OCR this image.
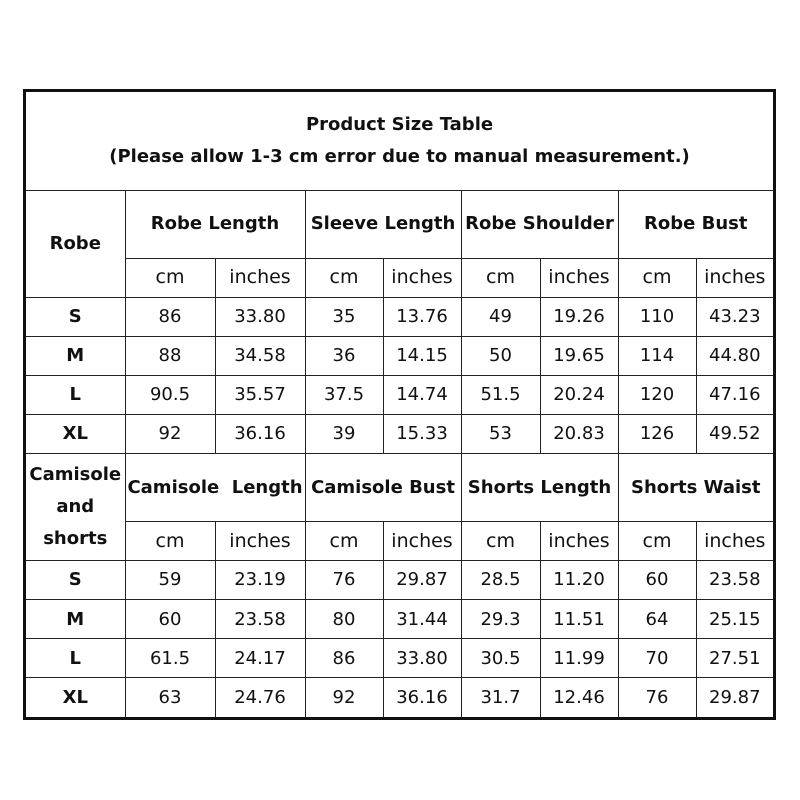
Product Size Table
(Please allow 1-3 cm error due to manual measurement.)								

Robe	Robe Length		Sleeve Length		Robe Shoulder		Robe Bust	
	cm	inches	cm	inches	cm	inches	cm	inches
S	86	33.80	35	13.76	49	19.26	110	43.23
M	88	34.58	36	14.15	50	19.65	114	44.80
L	90.5	35.57	37.5	14.74	51.5	20.24	120	47.16
XL	92	36.16	39	15.33	53	20.83	126	49.52

Camisole
and
shorts	Camisole  Length		Camisole Bust		Shorts Length		Shorts Waist	
	cm	inches	cm	inches	cm	inches	cm	inches
S	59	23.19	76	29.87	28.5	11.20	60	23.58
M	60	23.58	80	31.44	29.3	11.51	64	25.15
L	61.5	24.17	86	33.80	30.5	11.99	70	27.51
XL	63	24.76	92	36.16	31.7	12.46	76	29.87
